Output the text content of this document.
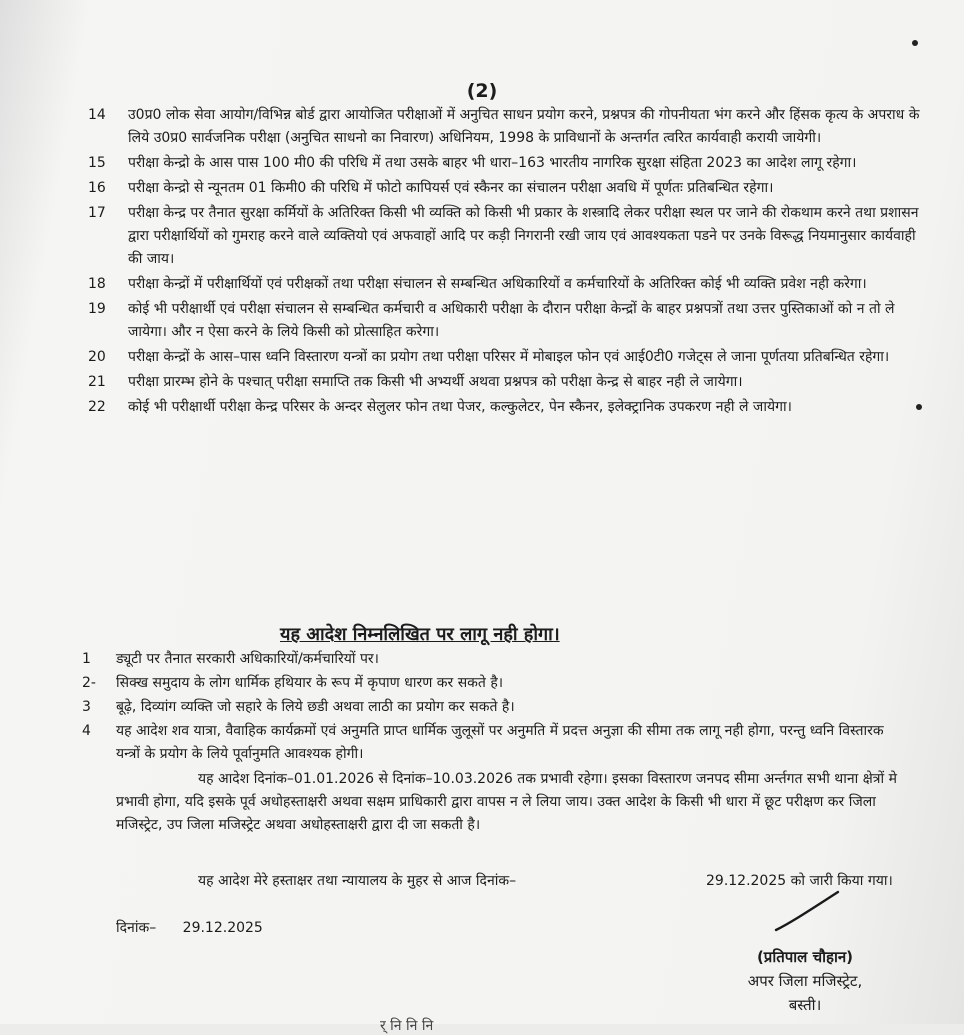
(2)
14 उ0प्र0 लोक सेवा आयोग/विभिन्न बोर्ड द्वारा आयोजित परीक्षाओं में अनुचित साधन प्रयोग करने, प्रश्नपत्र की गोपनीयता भंग करने और हिंसक कृत्य के अपराध के लिये उ0प्र0 सार्वजनिक परीक्षा (अनुचित साधनो का निवारण) अधिनियम, 1998 के प्राविधानों के अन्तर्गत त्वरित कार्यवाही करायी जायेगी।
15 परीक्षा केन्द्रो के आस पास 100 मी0 की परिधि में तथा उसके बाहर भी धारा–163 भारतीय नागरिक सुरक्षा संहिता 2023 का आदेश लागू रहेगा।
16 परीक्षा केन्द्रो से न्यूनतम 01 किमी0 की परिधि में फोटो कापियर्स एवं स्कैनर का संचालन परीक्षा अवधि में पूर्णतः प्रतिबन्धित रहेगा।
17 परीक्षा केन्द्र पर तैनात सुरक्षा कर्मियों के अतिरिक्त किसी भी व्यक्ति को किसी भी प्रकार के शस्त्रादि लेकर परीक्षा स्थल पर जाने की रोकथाम करने तथा प्रशासन द्वारा परीक्षार्थियों को गुमराह करने वाले व्यक्तियो एवं अफवाहों आदि पर कड़ी निगरानी रखी जाय एवं आवश्यकता पडने पर उनके विरूद्ध नियमानुसार कार्यवाही की जाय।
18 परीक्षा केन्द्रों में परीक्षार्थियों एवं परीक्षकों तथा परीक्षा संचालन से सम्बन्धित अधिकारियों व कर्मचारियों के अतिरिक्त कोई भी व्यक्ति प्रवेश नही करेगा।
19 कोई भी परीक्षार्थी एवं परीक्षा संचालन से सम्बन्धित कर्मचारी व अधिकारी परीक्षा के दौरान परीक्षा केन्द्रों के बाहर प्रश्नपत्रों तथा उत्तर पुस्तिकाओं को न तो ले जायेगा। और न ऐसा करने के लिये किसी को प्रोत्साहित करेगा।
20 परीक्षा केन्द्रों के आस–पास ध्वनि विस्तारण यन्त्रों का प्रयोग तथा परीक्षा परिसर में मोबाइल फोन एवं आई0टी0 गजेट्स ले जाना पूर्णतया प्रतिबन्धित रहेगा।
21 परीक्षा प्रारम्भ होने के पश्चात् परीक्षा समाप्ति तक किसी भी अभ्यर्थी अथवा प्रश्नपत्र को परीक्षा केन्द्र से बाहर नही ले जायेगा।
22 कोई भी परीक्षार्थी परीक्षा केन्द्र परिसर के अन्दर सेलुलर फोन तथा पेजर, कल्कुलेटर, पेन स्कैनर, इलेक्ट्रानिक उपकरण नही ले जायेगा।
यह आदेश निम्नलिखित पर लागू नही होगा।
1 ड्यूटी पर तैनात सरकारी अधिकारियों/कर्मचारियों पर।
2- सिक्ख समुदाय के लोग धार्मिक हथियार के रूप में कृपाण धारण कर सकते है।
3 बूढ़े, दिव्यांग व्यक्ति जो सहारे के लिये छडी अथवा लाठी का प्रयोग कर सकते है।
4 यह आदेश शव यात्रा, वैवाहिक कार्यक्रमों एवं अनुमति प्राप्त धार्मिक जुलूसों पर अनुमति में प्रदत्त अनुज्ञा की सीमा तक लागू नही होगा, परन्तु ध्वनि विस्तारक यन्त्रों के प्रयोग के लिये पूर्वानुमति आवश्यक होगी।
यह आदेश दिनांक–01.01.2026 से दिनांक–10.03.2026 तक प्रभावी रहेगा। इसका विस्तारण जनपद सीमा अर्न्तगत सभी थाना क्षेत्रों मे प्रभावी होगा, यदि इसके पूर्व अधोहस्ताक्षरी अथवा सक्षम प्राधिकारी द्वारा वापस न ले लिया जाय। उक्त आदेश के किसी भी धारा में छूट परीक्षण कर जिला मजिस्ट्रेट, उप जिला मजिस्ट्रेट अथवा अधोहस्ताक्षरी द्वारा दी जा सकती है।
यह आदेश मेरे हस्ताक्षर तथा न्यायालय के मुहर से आज दिनांक–	29.12.2025 को जारी किया गया।
दिनांक– 29.12.2025
(प्रतिपाल चौहान)
अपर जिला मजिस्ट्रेट,
बस्ती।
र् नि नि नि
